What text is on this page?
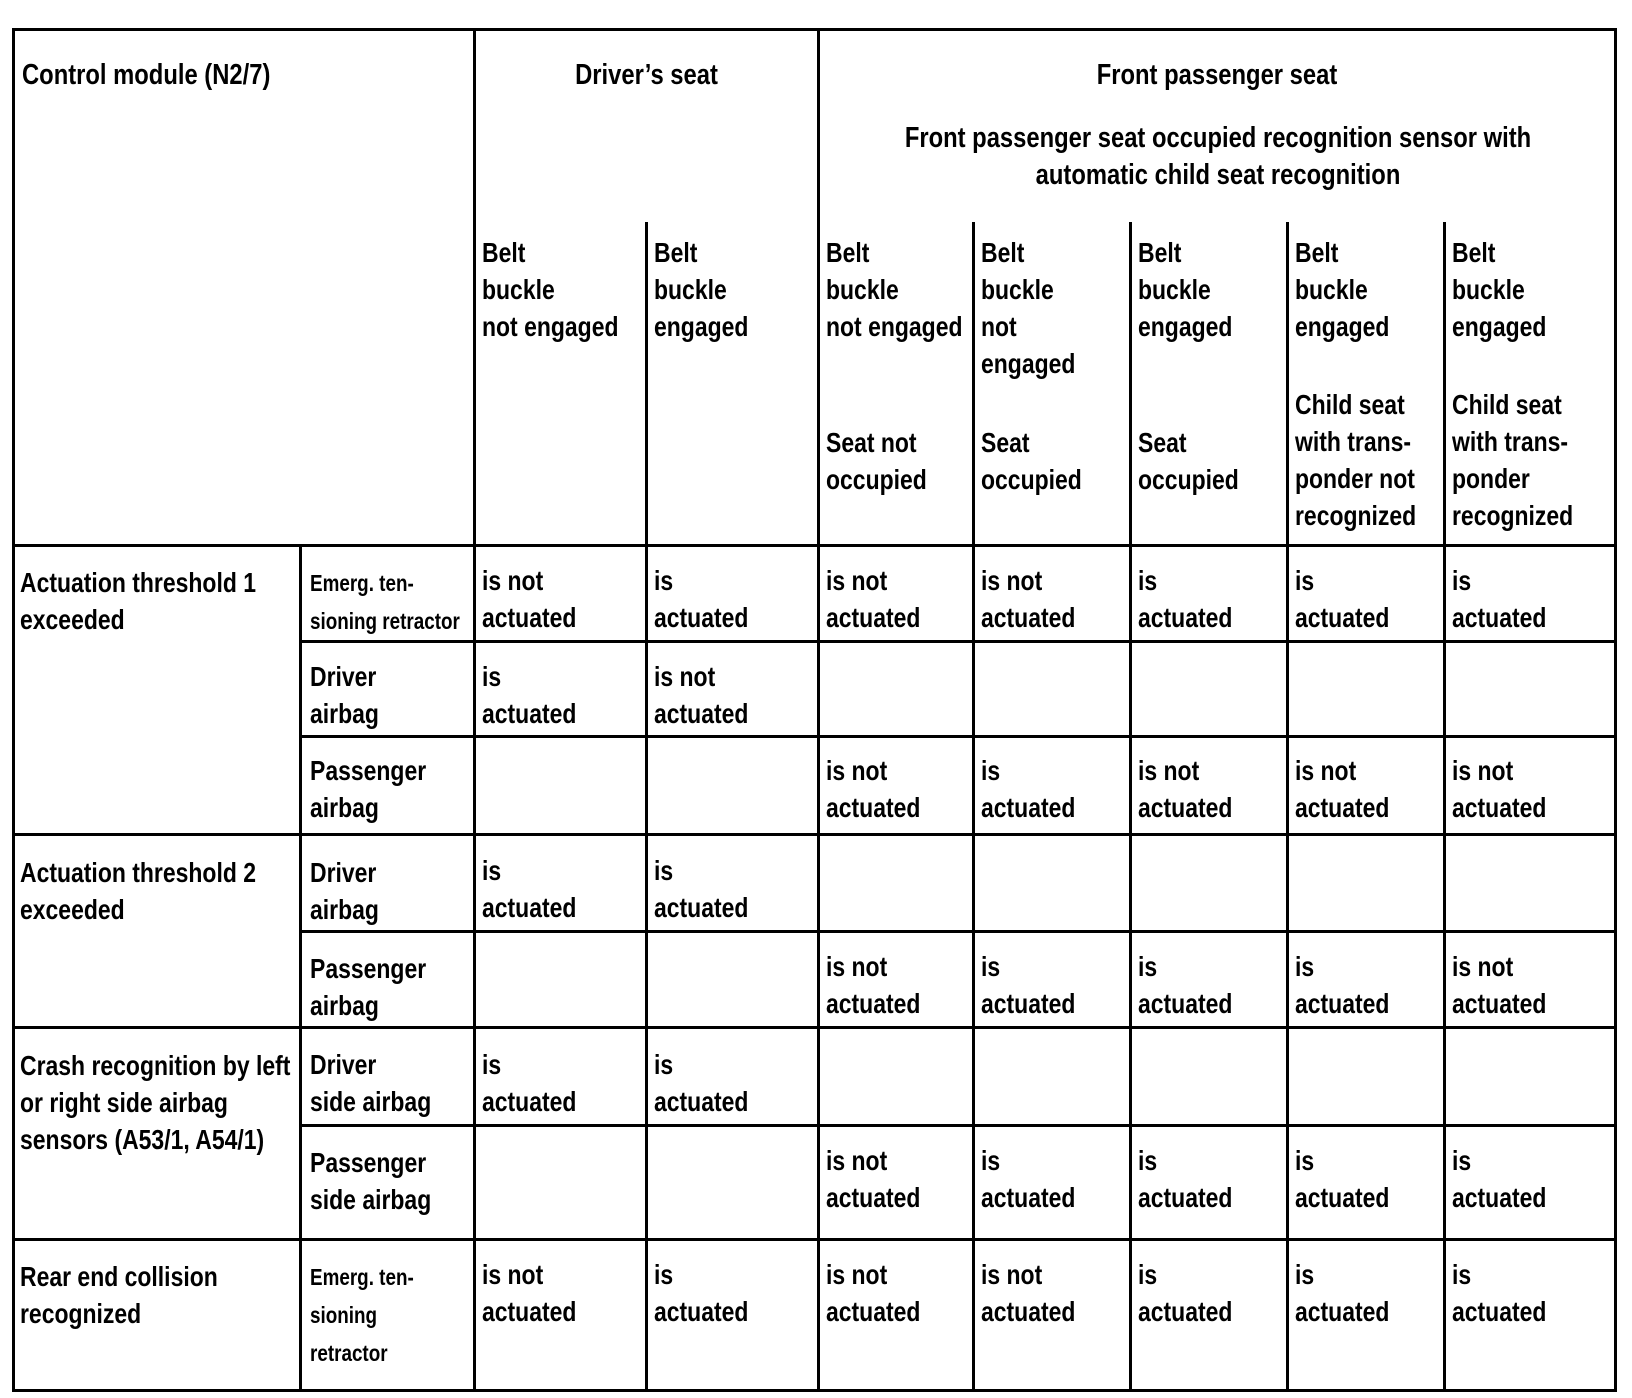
Control module (N2/7)	Driver’s seat	Front passenger seat
Front passenger seat occupied recognition sensor with automatic child seat recognition
Belt
buckle
not engaged
Belt
buckle
engaged
Belt
buckle
not engaged
Seat not
occupied
Belt
buckle
not
engaged
Seat
occupied
Belt
buckle
engaged
Seat
occupied
Belt
buckle
engaged
Child seat
with trans-
ponder not
recognized
Belt
buckle
engaged
Child seat
with trans-
ponder
recognized
Actuation threshold 1
exceeded
Emerg. ten-
sioning retractor
is not
actuated
is
actuated
is not
actuated
is not
actuated
is
actuated
is
actuated
is
actuated
Driver
airbag
is
actuated
is not
actuated
Passenger
airbag
is not
actuated
is
actuated
is not
actuated
is not
actuated
is not
actuated
Actuation threshold 2
exceeded
Driver
airbag
is
actuated
is
actuated
Passenger
airbag
is not
actuated
is
actuated
is
actuated
is
actuated
is not
actuated
Crash recognition by left
or right side airbag
sensors (A53/1, A54/1)
Driver
side airbag
is
actuated
is
actuated
Passenger
side airbag
is not
actuated
is
actuated
is
actuated
is
actuated
is
actuated
Rear end collision
recognized
Emerg. ten-
sioning
retractor
is not
actuated
is
actuated
is not
actuated
is not
actuated
is
actuated
is
actuated
is
actuated
